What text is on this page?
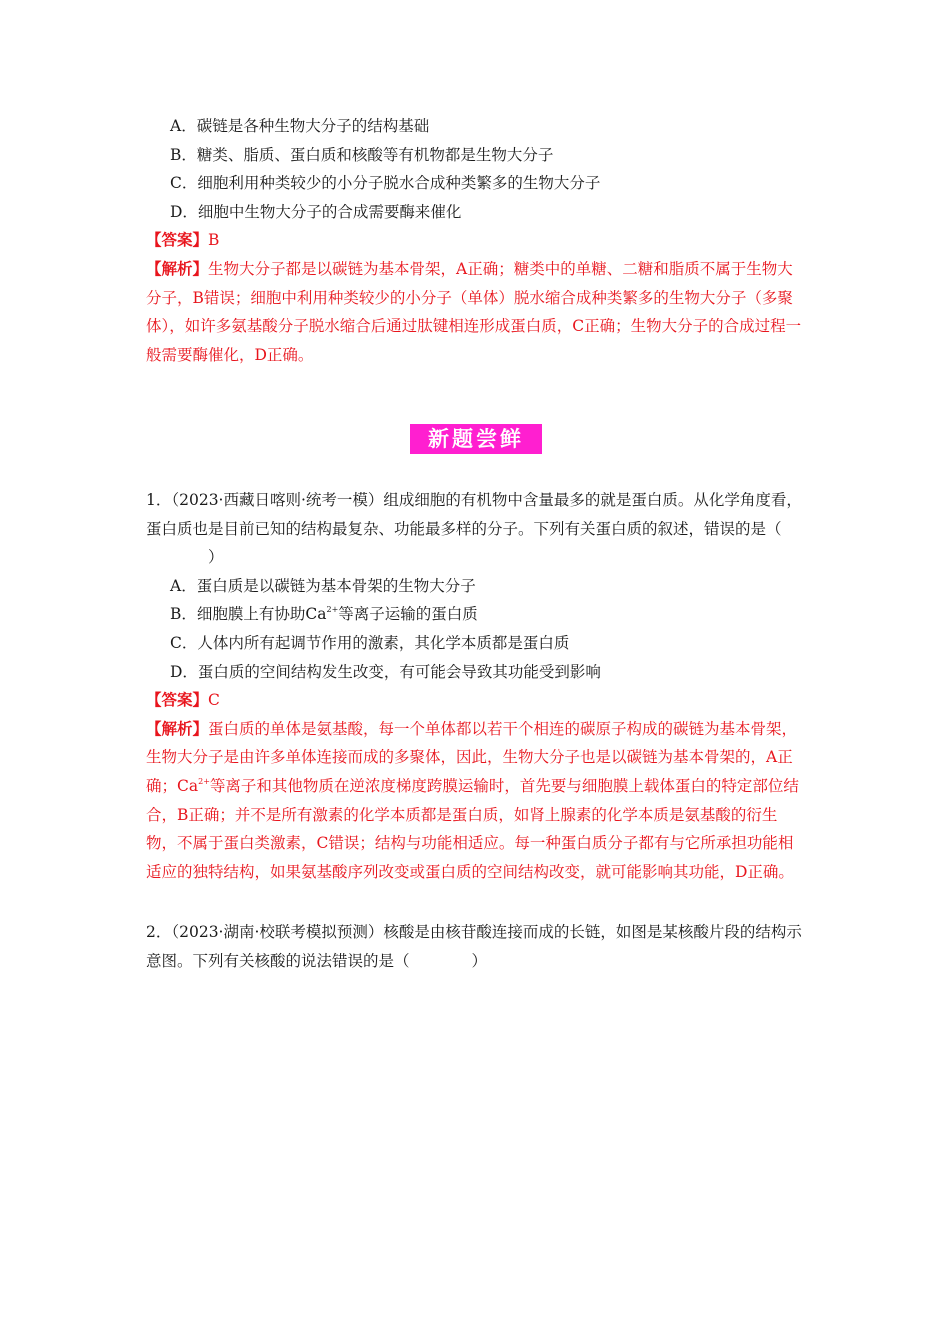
A．碳链是各种生物大分子的结构基础

B．糖类、脂质、蛋白质和核酸等有机物都是生物大分子

C．细胞利用种类较少的小分子脱水合成种类繁多的生物大分子

D．细胞中生物大分子的合成需要酶来催化

【答案】B

【解析】生物大分子都是以碳链为基本骨架，A正确；糖类中的单糖、二糖和脂质不属于生物大分子，B错误；细胞中利用种类较少的小分子（单体）脱水缩合成种类繁多的生物大分子（多聚体），如许多氨基酸分子脱水缩合后通过肽键相连形成蛋白质，C正确；生物大分子的合成过程一般需要酶催化，D正确。

新题尝鲜

1．（2023·西藏日喀则·统考一模）组成细胞的有机物中含量最多的就是蛋白质。从化学角度看，蛋白质也是目前已知的结构最复杂、功能最多样的分子。下列有关蛋白质的叙述，错误的是（）

A．蛋白质是以碳链为基本骨架的生物大分子

B．细胞膜上有协助$Ca^{2+}$等离子运输的蛋白质

C．人体内所有起调节作用的激素，其化学本质都是蛋白质

D．蛋白质的空间结构发生改变，有可能会导致其功能受到影响

【答案】C

【解析】蛋白质的单体是氨基酸，每一个单体都以若干个相连的碳原子构成的碳链为基本骨架，生物大分子是由许多单体连接而成的多聚体，因此，生物大分子也是以碳链为基本骨架的，A正确；$Ca^{2+}$等离子和其他物质在逆浓度梯度跨膜运输时，首先要与细胞膜上载体蛋白的特定部位结合，B正确；并不是所有激素的化学本质都是蛋白质，如肾上腺素的化学本质是氨基酸的衍生物，不属于蛋白类激素，C错误；结构与功能相适应。每一种蛋白质分子都有与它所承担功能相适应的独特结构，如果氨基酸序列改变或蛋白质的空间结构改变，就可能影响其功能，D正确。

2．（2023·湖南·校联考模拟预测）核酸是由核苷酸连接而成的长链，如图是某核酸片段的结构示意图。下列有关核酸的说法错误的是（	）
